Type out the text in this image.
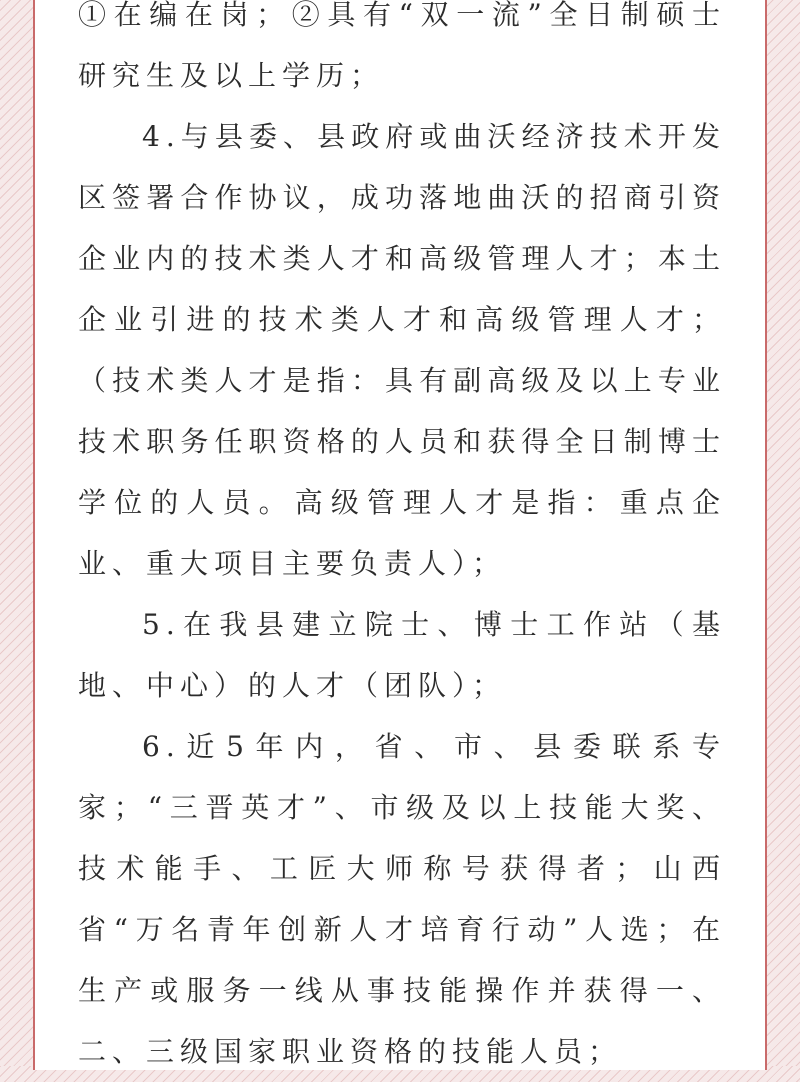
①在编在岗；②具有“双一流”全日制硕士研究生及以上学历；

4.与县委、县政府或曲沃经济技术开发区签署合作协议，成功落地曲沃的招商引资企业内的技术类人才和高级管理人才；本土企业引进的技术类人才和高级管理人才；（技术类人才是指：具有副高级及以上专业技术职务任职资格的人员和获得全日制博士学位的人员。高级管理人才是指：重点企业、重大项目主要负责人）；

5.在我县建立院士、博士工作站（基地、中心）的人才（团队）；

6.近5年内，省、市、县委联系专家；“三晋英才”、市级及以上技能大奖、技术能手、工匠大师称号获得者；山西省“万名青年创新人才培育行动”人选；在生产或服务一线从事技能操作并获得一、二、三级国家职业资格的技能人员；
